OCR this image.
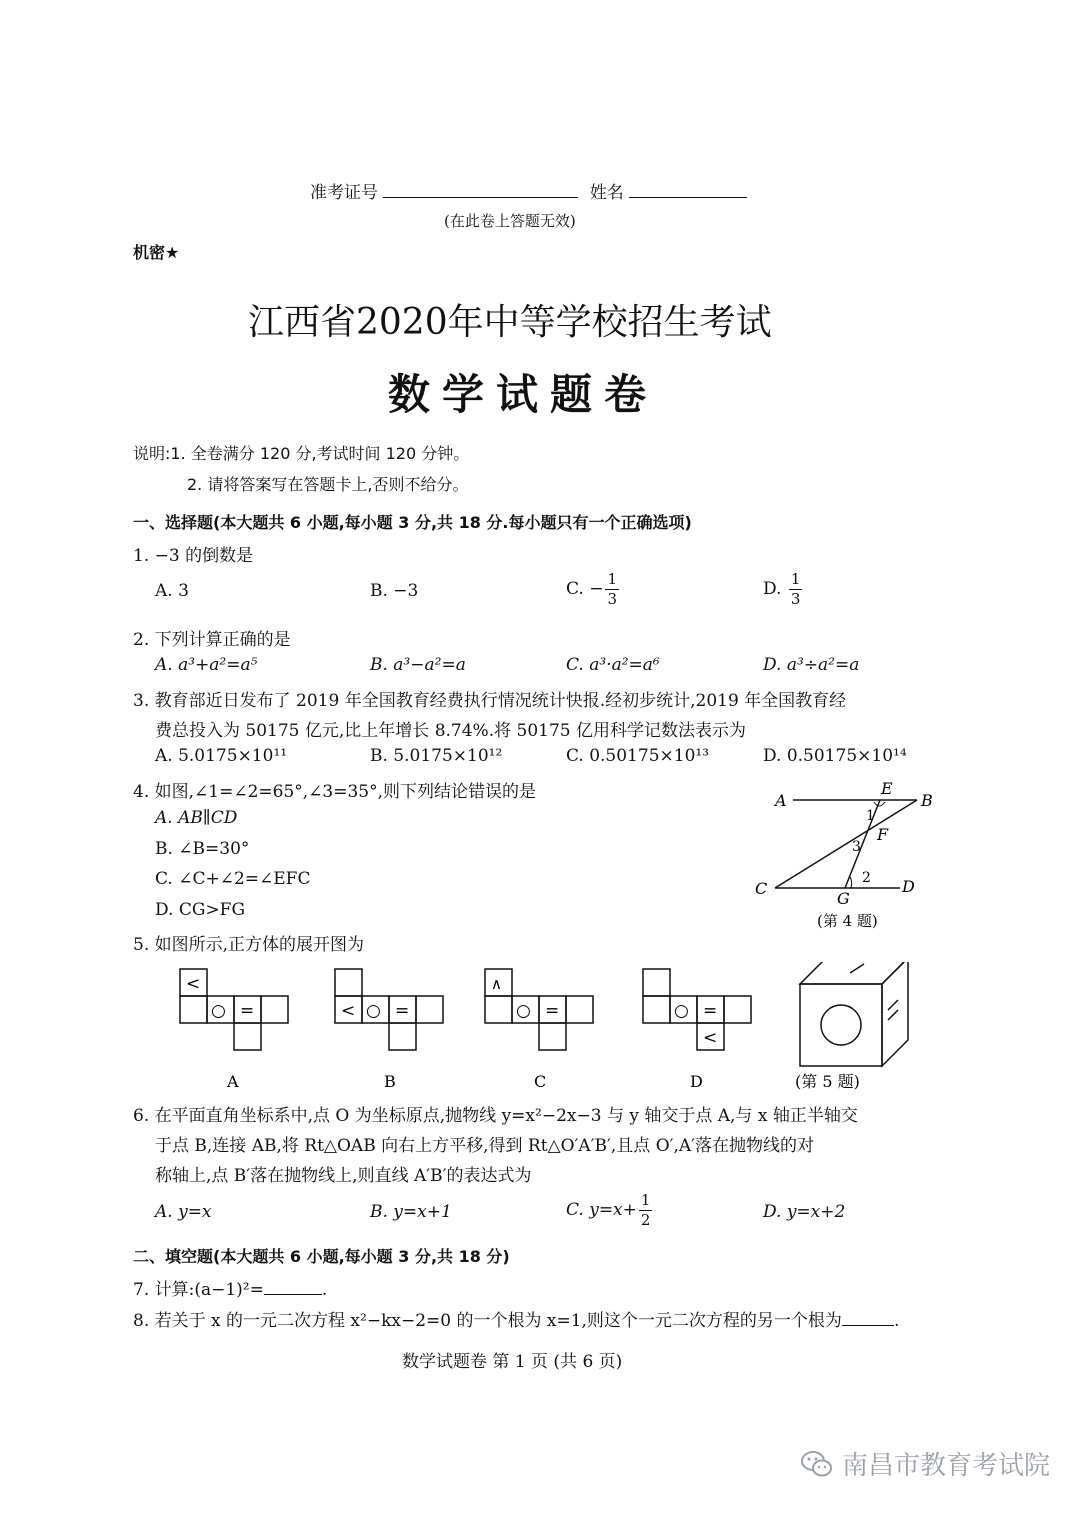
准考证号	姓名
(在此卷上答题无效)
机密★
江西省2020年中等学校招生考试
数学试题卷
说明:1. 全卷满分 120 分,考试时间 120 分钟。
2. 请将答案写在答题卡上,否则不给分。
一、选择题(本大题共 6 小题,每小题 3 分,共 18 分.每小题只有一个正确选项)
1. −3 的倒数是
A. 3	B. −3	C. − $\frac{1}{3}$	D. $\frac{1}{3}$
2. 下列计算正确的是
A. a³+a²=a⁵	B. a³−a²=a	C. a³·a²=a⁶	D. a³÷a²=a
3. 教育部近日发布了 2019 年全国教育经费执行情况统计快报.经初步统计,2019 年全国教育经
费总投入为 50175 亿元,比上年增长 8.74%.将 50175 亿用科学记数法表示为
A. 5.0175×10¹¹	B. 5.0175×10¹²	C. 0.50175×10¹³	D. 0.50175×10¹⁴
4. 如图,∠1=∠2=65°,∠3=35°,则下列结论错误的是
A. AB∥CD
B. ∠B=30°
C. ∠C+∠2=∠EFC
D. CG>FG
A	B
C	D
E
F
G
1
3
2
(第 4 题)
5. 如图所示,正方体的展开图为
<
○ =	< ○ =
∧
○ =	○ =
<
A	B	C	D	(第 5 题)
6. 在平面直角坐标系中,点 O 为坐标原点,抛物线 y=x²−2x−3 与 y 轴交于点 A,与 x 轴正半轴交
于点 B,连接 AB,将 Rt△OAB 向右上方平移,得到 Rt△O′A′B′,且点 O′,A′落在抛物线的对
称轴上,点 B′落在抛物线上,则直线 A′B′的表达式为
A. y=x	B. y=x+1	C. $y=x+ \frac{1}{2}$	D. y=x+2
二、填空题(本大题共 6 小题,每小题 3 分,共 18 分)
7. 计算:(a−1)²=	.
8. 若关于 x 的一元二次方程 x²−kx−2=0 的一个根为 x=1,则这个一元二次方程的另一个根为	.
数学试题卷 第 1 页 (共 6 页)
南昌市教育考试院
